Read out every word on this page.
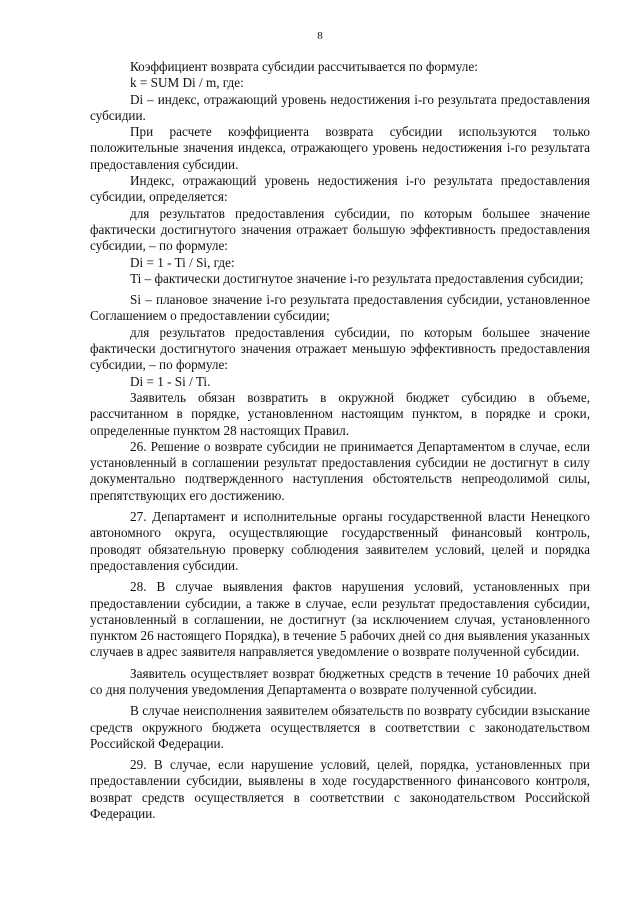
8

Коэффициент возврата субсидии рассчитывается по формуле:

k = SUM Di / m, где:

Di – индекс, отражающий уровень недостижения i-го результата предоставления субсидии.

При расчете коэффициента возврата субсидии используются только положительные значения индекса, отражающего уровень недостижения i-го результата предоставления субсидии.

Индекс, отражающий уровень недостижения i-го результата предоставления субсидии, определяется:

для результатов предоставления субсидии, по которым большее значение фактически достигнутого значения отражает большую эффективность предоставления субсидии, – по формуле:

Di = 1 - Ti / Si, где:

Ti – фактически достигнутое значение i-го результата предоставления субсидии;

Si – плановое значение i-го результата предоставления субсидии, установленное Соглашением о предоставлении субсидии;

для результатов предоставления субсидии, по которым большее значение фактически достигнутого значения отражает меньшую эффективность предоставления субсидии, – по формуле:

Di = 1 - Si / Ti.

Заявитель обязан возвратить в окружной бюджет субсидию в объеме, рассчитанном в порядке, установленном настоящим пунктом, в порядке и сроки, определенные пунктом 28 настоящих Правил.

26. Решение о возврате субсидии не принимается Департаментом в случае, если установленный в соглашении результат предоставления субсидии не достигнут в силу документально подтвержденного наступления обстоятельств непреодолимой силы, препятствующих его достижению.

27. Департамент и исполнительные органы государственной власти Ненецкого автономного округа, осуществляющие государственный финансовый контроль, проводят обязательную проверку соблюдения заявителем условий, целей и порядка предоставления субсидии.

28. В случае выявления фактов нарушения условий, установленных при предоставлении субсидии, а также в случае, если результат предоставления субсидии, установленный в соглашении, не достигнут (за исключением случая, установленного пунктом 26 настоящего Порядка), в течение 5 рабочих дней со дня выявления указанных случаев в адрес заявителя направляется уведомление о возврате полученной субсидии.

Заявитель осуществляет возврат бюджетных средств в течение 10 рабочих дней со дня получения уведомления Департамента о возврате полученной субсидии.

В случае неисполнения заявителем обязательств по возврату субсидии взыскание средств окружного бюджета осуществляется в соответствии с законодательством Российской Федерации.

29. В случае, если нарушение условий, целей, порядка, установленных при предоставлении субсидии, выявлены в ходе государственного финансового контроля, возврат средств осуществляется в соответствии с законодательством Российской Федерации.
